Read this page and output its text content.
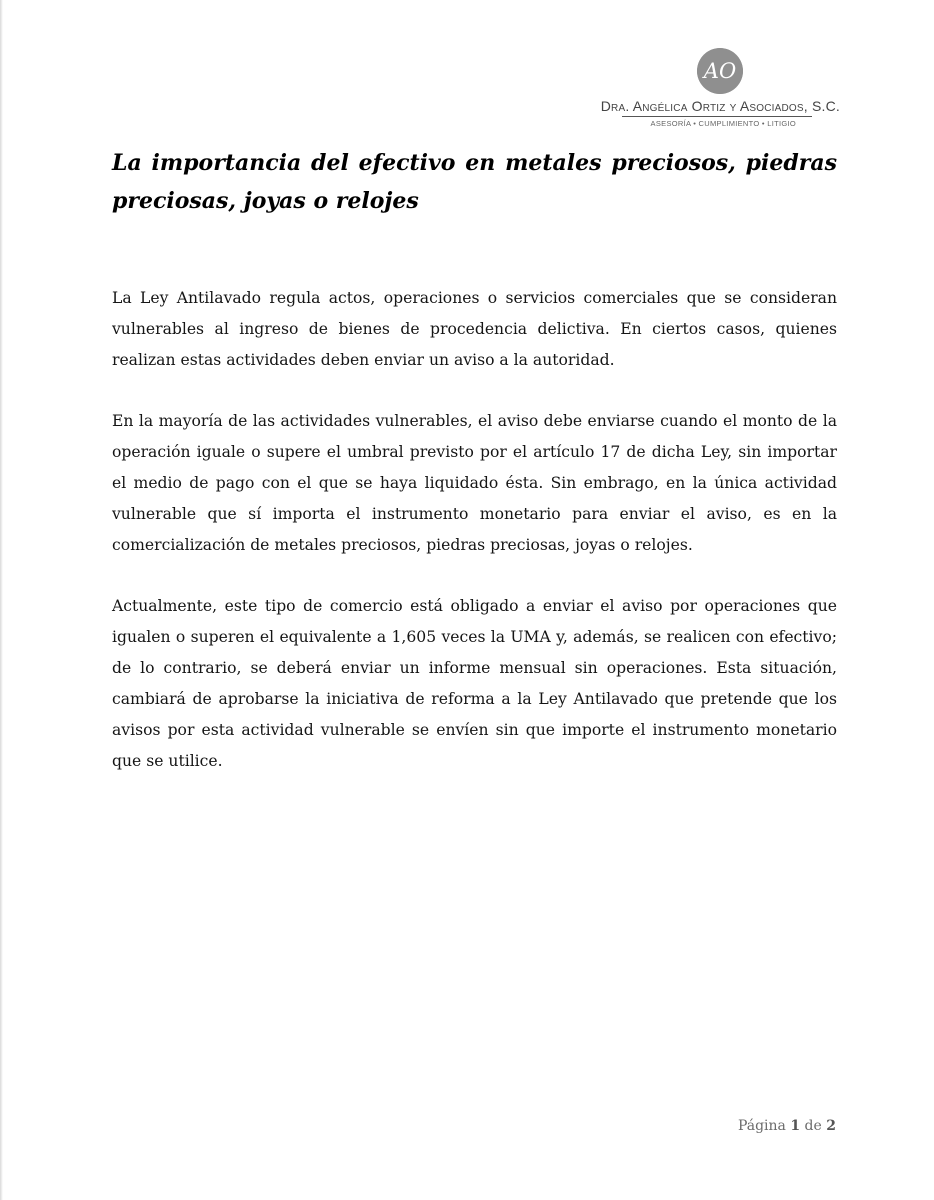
AO
Dra. Angélica Ortiz y Asociados, S.C.
ASESORÍA • CUMPLIMIENTO • LITIGIO
La importancia del efectivo en metales preciosos, piedras preciosas, joyas o relojes

La Ley Antilavado regula actos, operaciones o servicios comerciales que se consideran vulnerables al ingreso de bienes de procedencia delictiva. En ciertos casos, quienes realizan estas actividades deben enviar un aviso a la autoridad.

En la mayoría de las actividades vulnerables, el aviso debe enviarse cuando el monto de la operación iguale o supere el umbral previsto por el artículo 17 de dicha Ley, sin importar el medio de pago con el que se haya liquidado ésta. Sin embrago, en la única actividad vulnerable que sí importa el instrumento monetario para enviar el aviso, es en la comercialización de metales preciosos, piedras preciosas, joyas o relojes.

Actualmente, este tipo de comercio está obligado a enviar el aviso por operaciones que igualen o superen el equivalente a 1,605 veces la UMA y, además, se realicen con efectivo; de lo contrario, se deberá enviar un informe mensual sin operaciones. Esta situación, cambiará de aprobarse la iniciativa de reforma a la Ley Antilavado que pretende que los avisos por esta actividad vulnerable se envíen sin que importe el instrumento monetario que se utilice.

Página 1 de 2
